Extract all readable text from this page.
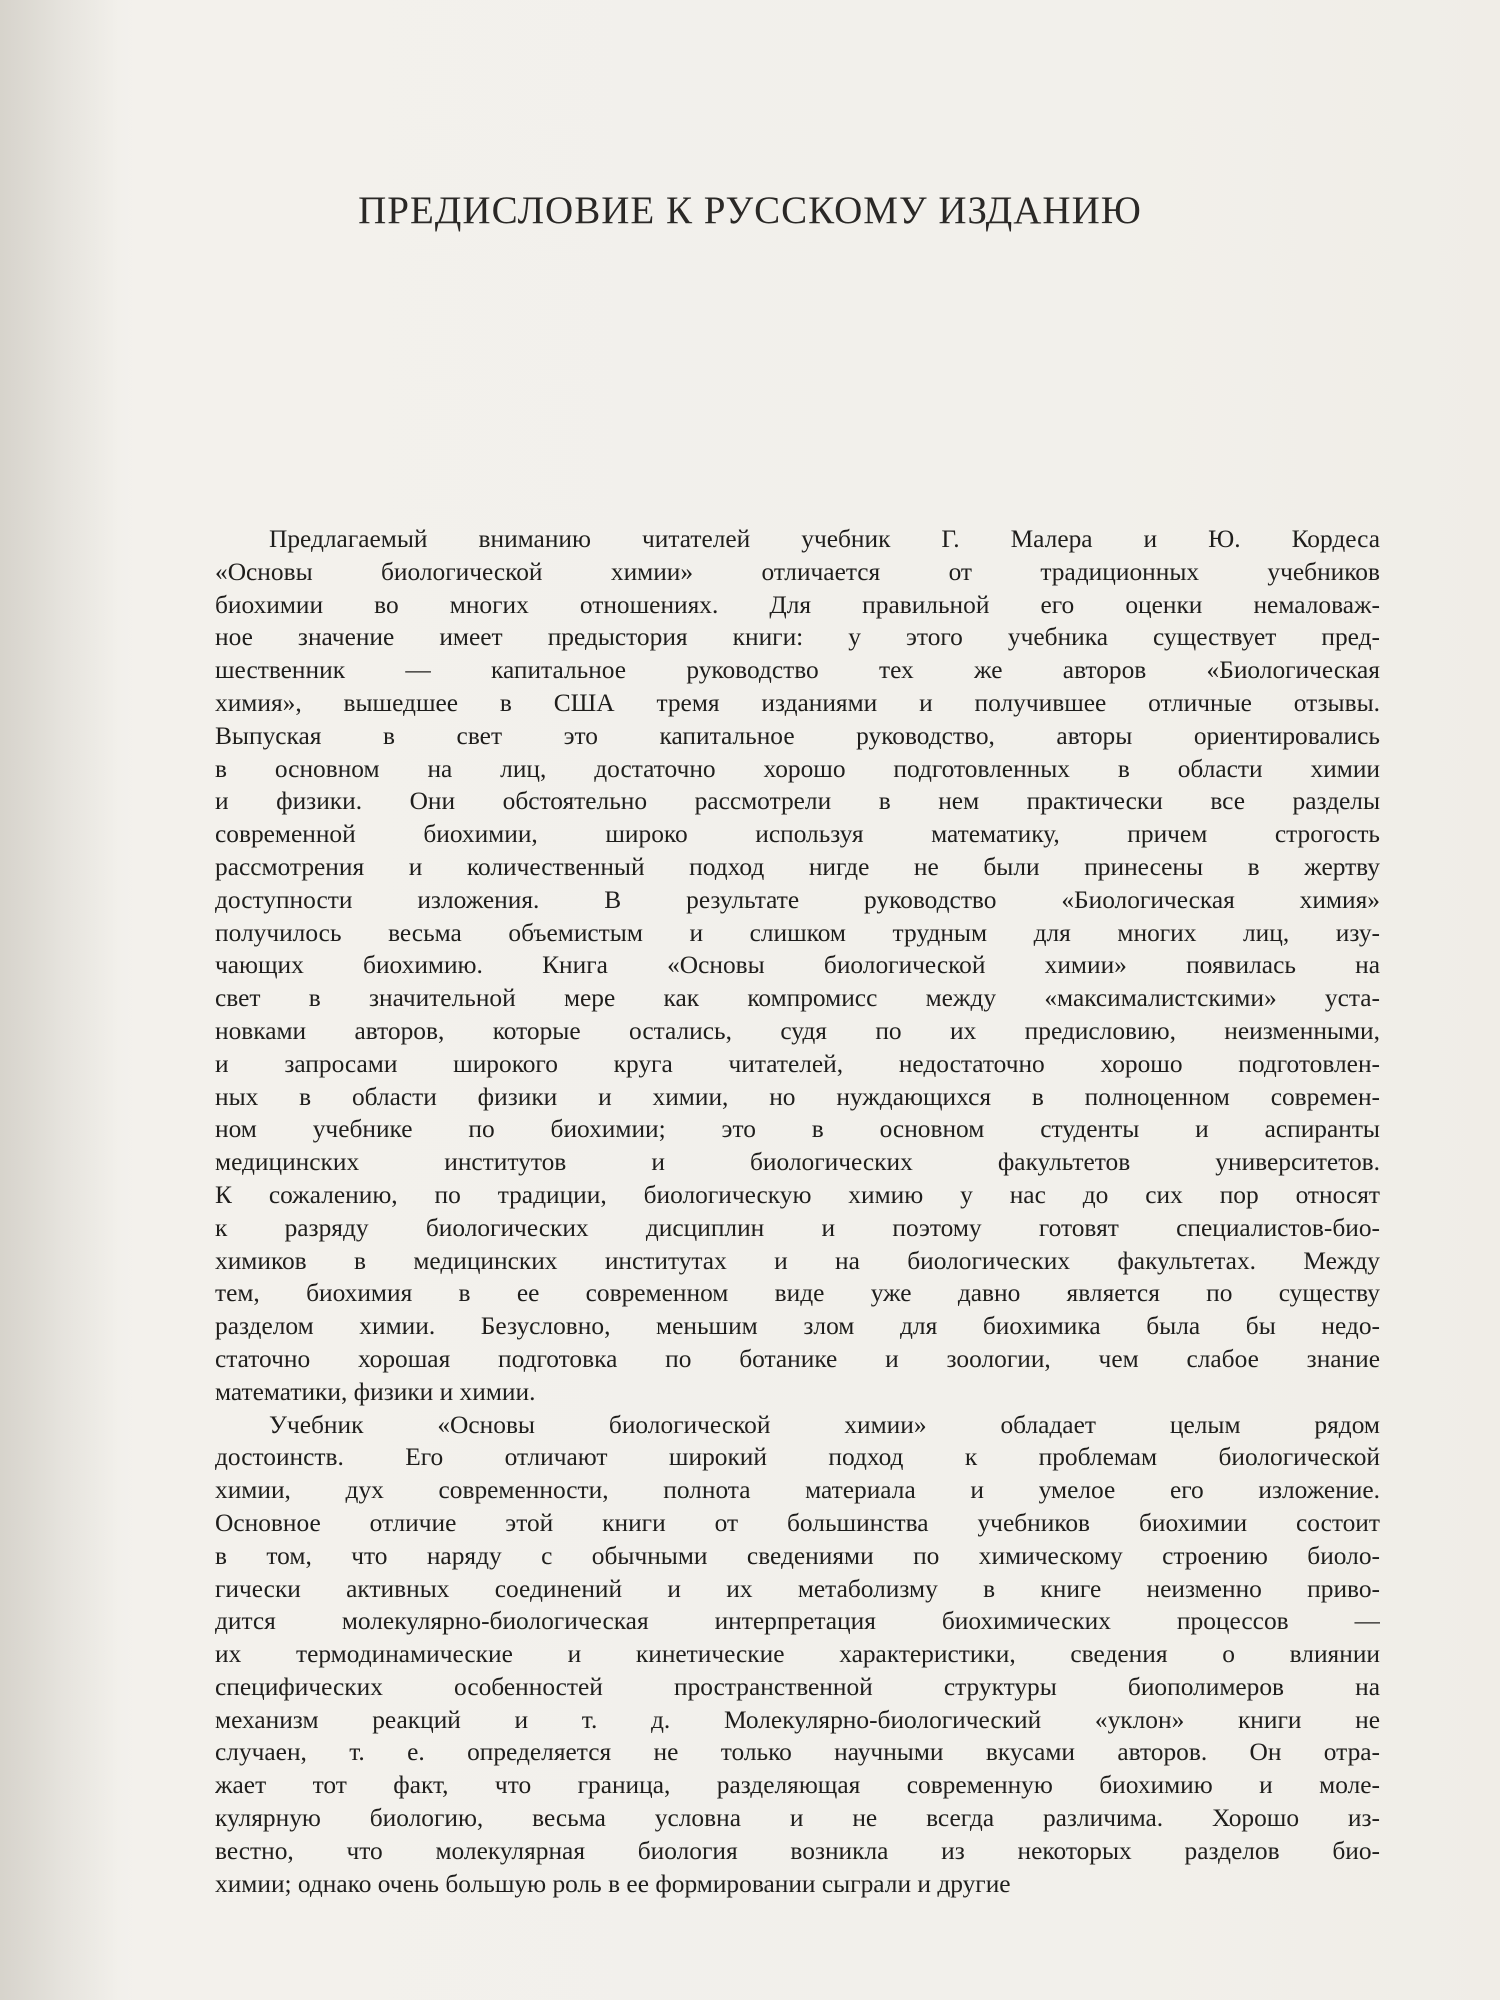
ПРЕДИСЛОВИЕ К РУССКОМУ ИЗДАНИЮ
Предлагаемый вниманию читателей учебник Г. Малера и Ю. Кордеса
«Основы биологической химии» отличается от традиционных учебников
биохимии во многих отношениях. Для правильной его оценки немаловаж-
ное значение имеет предыстория книги: у этого учебника существует пред-
шественник — капитальное руководство тех же авторов «Биологическая
химия», вышедшее в США тремя изданиями и получившее отличные отзывы.
Выпуская в свет это капитальное руководство, авторы ориентировались
в основном на лиц, достаточно хорошо подготовленных в области химии
и физики. Они обстоятельно рассмотрели в нем практически все разделы
современной биохимии, широко используя математику, причем строгость
рассмотрения и количественный подход нигде не были принесены в жертву
доступности изложения. В результате руководство «Биологическая химия»
получилось весьма объемистым и слишком трудным для многих лиц, изу-
чающих биохимию. Книга «Основы биологической химии» появилась на
свет в значительной мере как компромисс между «максималистскими» уста-
новками авторов, которые остались, судя по их предисловию, неизменными,
и запросами широкого круга читателей, недостаточно хорошо подготовлен-
ных в области физики и химии, но нуждающихся в полноценном современ-
ном учебнике по биохимии; это в основном студенты и аспиранты
медицинских институтов и биологических факультетов университетов.
К сожалению, по традиции, биологическую химию у нас до сих пор относят
к разряду биологических дисциплин и поэтому готовят специалистов-био-
химиков в медицинских институтах и на биологических факультетах. Между
тем, биохимия в ее современном виде уже давно является по существу
разделом химии. Безусловно, меньшим злом для биохимика была бы недо-
статочно хорошая подготовка по ботанике и зоологии, чем слабое знание
математики, физики и химии.
Учебник «Основы биологической химии» обладает целым рядом
достоинств. Его отличают широкий подход к проблемам биологической
химии, дух современности, полнота материала и умелое его изложение.
Основное отличие этой книги от большинства учебников биохимии состоит
в том, что наряду с обычными сведениями по химическому строению биоло-
гически активных соединений и их метаболизму в книге неизменно приво-
дится молекулярно-биологическая интерпретация биохимических процессов —
их термодинамические и кинетические характеристики, сведения о влиянии
специфических особенностей пространственной структуры биополимеров на
механизм реакций и т. д. Молекулярно-биологический «уклон» книги не
случаен, т. е. определяется не только научными вкусами авторов. Он отра-
жает тот факт, что граница, разделяющая современную биохимию и моле-
кулярную биологию, весьма условна и не всегда различима. Хорошо из-
вестно, что молекулярная биология возникла из некоторых разделов био-
химии; однако очень большую роль в ее формировании сыграли и другие
